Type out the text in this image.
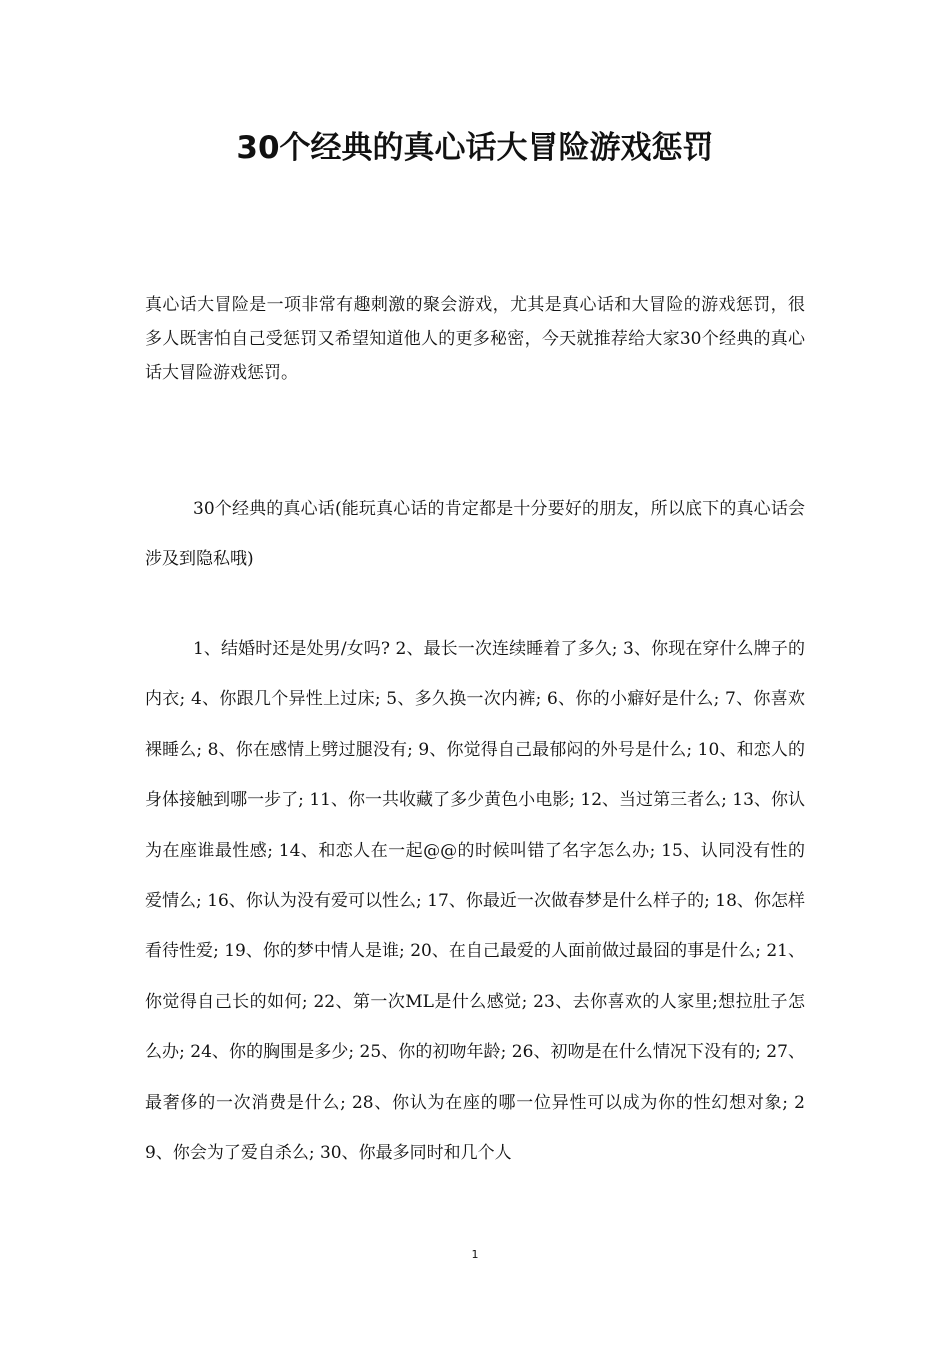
30个经典的真心话大冒险游戏惩罚

真心话大冒险是一项非常有趣刺激的聚会游戏，尤其是真心话和大冒险的游戏惩罚，很多人既害怕自己受惩罚又希望知道他人的更多秘密，今天就推荐给大家30个经典的真心话大冒险游戏惩罚。

30个经典的真心话(能玩真心话的肯定都是十分要好的朋友，所以底下的真心话会涉及到隐私哦)

1、结婚时还是处男/女吗? 2、最长一次连续睡着了多久; 3、你现在穿什么牌子的内衣; 4、你跟几个异性上过床; 5、多久换一次内裤; 6、你的小癖好是什么; 7、你喜欢裸睡么; 8、你在感情上劈过腿没有; 9、你觉得自己最郁闷的外号是什么; 10、和恋人的身体接触到哪一步了; 11、你一共收藏了多少黄色小电影; 12、当过第三者么; 13、你认为在座谁最性感; 14、和恋人在一起@@的时候叫错了名字怎么办; 15、认同没有性的爱情么; 16、你认为没有爱可以性么; 17、你最近一次做春梦是什么样子的; 18、你怎样看待性爱; 19、你的梦中情人是谁; 20、在自己最爱的人面前做过最囧的事是什么; 21、你觉得自己长的如何; 22、第一次ML是什么感觉; 23、去你喜欢的人家里;想拉肚子怎么办; 24、你的胸围是多少; 25、你的初吻年龄; 26、初吻是在什么情况下没有的; 27、最奢侈的一次消费是什么; 28、你认为在座的哪一位异性可以成为你的性幻想对象; 29、你会为了爱自杀么; 30、你最多同时和几个人

1
